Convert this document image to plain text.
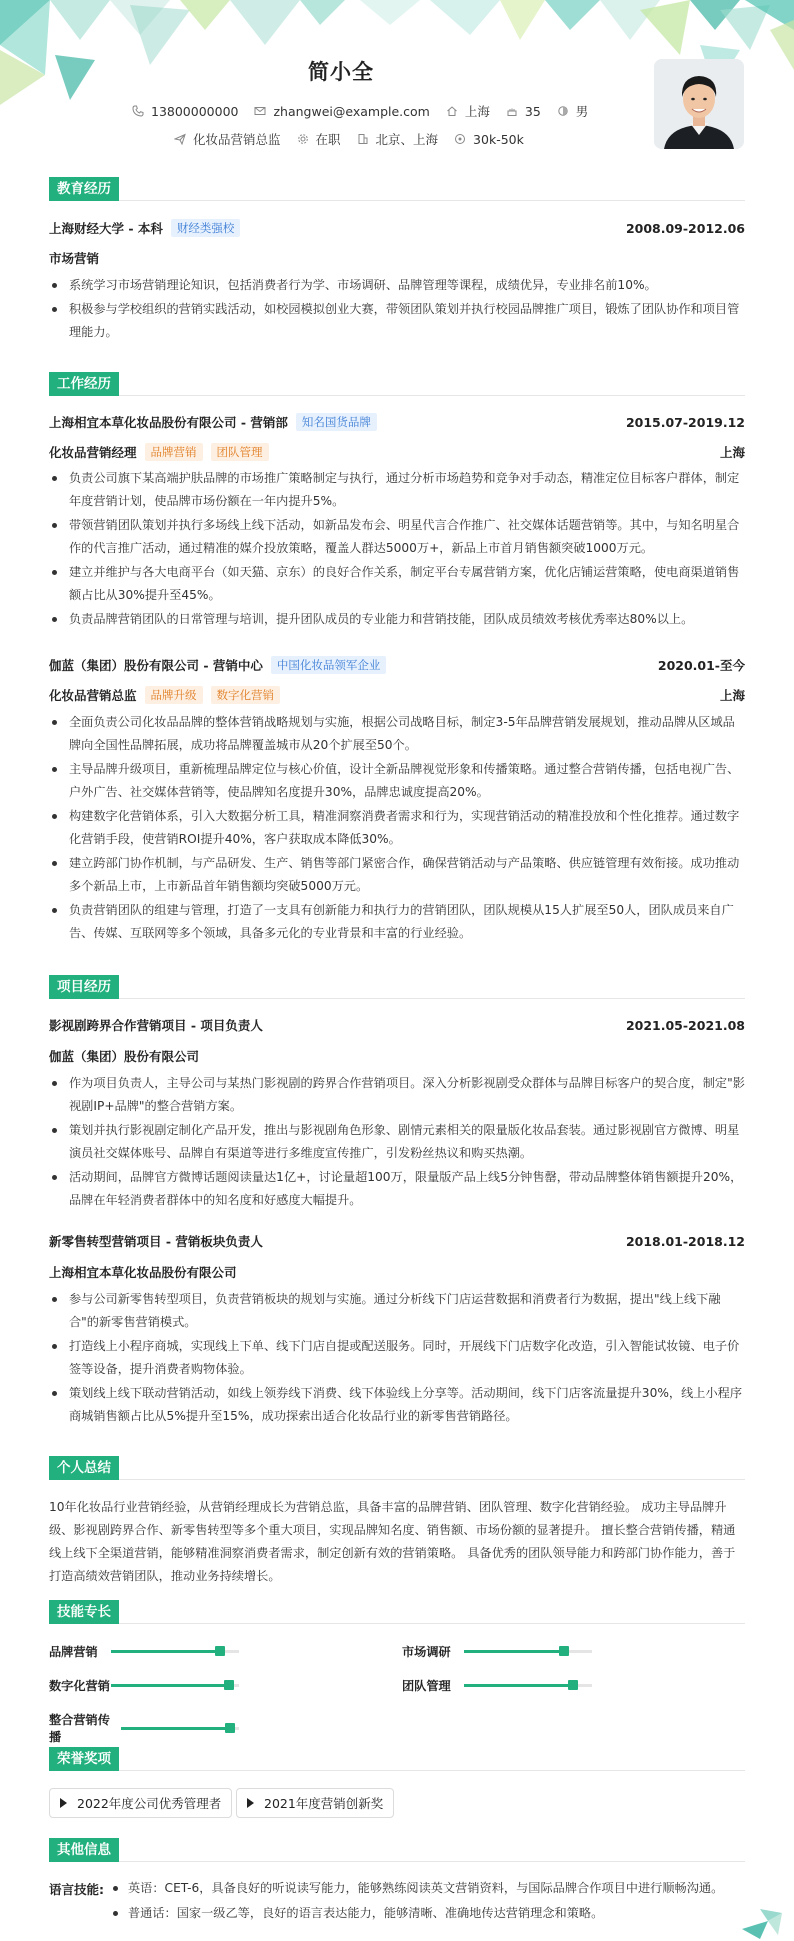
简小全
13800000000	zhangwei@example.com	上海	35	男
化妆品营销总监	在职	北京、上海	30k-50k
教育经历
上海财经大学 - 本科	财经类强校	2008.09-2012.06
市场营销
系统学习市场营销理论知识，包括消费者行为学、市场调研、品牌管理等课程，成绩优异，专业排名前10%。
积极参与学校组织的营销实践活动，如校园模拟创业大赛，带领团队策划并执行校园品牌推广项目，锻炼了团队协作和项目管理能力。
工作经历
上海相宜本草化妆品股份有限公司 - 营销部	知名国货品牌	2015.07-2019.12
化妆品营销经理	品牌营销	团队管理	上海
负责公司旗下某高端护肤品牌的市场推广策略制定与执行，通过分析市场趋势和竞争对手动态，精准定位目标客户群体，制定年度营销计划，使品牌市场份额在一年内提升5%。
带领营销团队策划并执行多场线上线下活动，如新品发布会、明星代言合作推广、社交媒体话题营销等。其中，与知名明星合作的代言推广活动，通过精准的媒介投放策略，覆盖人群达5000万+，新品上市首月销售额突破1000万元。
建立并维护与各大电商平台（如天猫、京东）的良好合作关系，制定平台专属营销方案，优化店铺运营策略，使电商渠道销售额占比从30%提升至45%。
负责品牌营销团队的日常管理与培训，提升团队成员的专业能力和营销技能，团队成员绩效考核优秀率达80%以上。
伽蓝（集团）股份有限公司 - 营销中心	中国化妆品领军企业	2020.01-至今
化妆品营销总监	品牌升级	数字化营销	上海
全面负责公司化妆品品牌的整体营销战略规划与实施，根据公司战略目标，制定3-5年品牌营销发展规划，推动品牌从区域品牌向全国性品牌拓展，成功将品牌覆盖城市从20个扩展至50个。
主导品牌升级项目，重新梳理品牌定位与核心价值，设计全新品牌视觉形象和传播策略。通过整合营销传播，包括电视广告、户外广告、社交媒体营销等，使品牌知名度提升30%，品牌忠诚度提高20%。
构建数字化营销体系，引入大数据分析工具，精准洞察消费者需求和行为，实现营销活动的精准投放和个性化推荐。通过数字化营销手段，使营销ROI提升40%，客户获取成本降低30%。
建立跨部门协作机制，与产品研发、生产、销售等部门紧密合作，确保营销活动与产品策略、供应链管理有效衔接。成功推动多个新品上市，上市新品首年销售额均突破5000万元。
负责营销团队的组建与管理，打造了一支具有创新能力和执行力的营销团队，团队规模从15人扩展至50人，团队成员来自广告、传媒、互联网等多个领域，具备多元化的专业背景和丰富的行业经验。
项目经历
影视剧跨界合作营销项目 - 项目负责人	2021.05-2021.08
伽蓝（集团）股份有限公司
作为项目负责人，主导公司与某热门影视剧的跨界合作营销项目。深入分析影视剧受众群体与品牌目标客户的契合度，制定"影视剧IP+品牌"的整合营销方案。
策划并执行影视剧定制化产品开发，推出与影视剧角色形象、剧情元素相关的限量版化妆品套装。通过影视剧官方微博、明星演员社交媒体账号、品牌自有渠道等进行多维度宣传推广，引发粉丝热议和购买热潮。
活动期间，品牌官方微博话题阅读量达1亿+，讨论量超100万，限量版产品上线5分钟售罄，带动品牌整体销售额提升20%，品牌在年轻消费者群体中的知名度和好感度大幅提升。
新零售转型营销项目 - 营销板块负责人	2018.01-2018.12
上海相宜本草化妆品股份有限公司
参与公司新零售转型项目，负责营销板块的规划与实施。通过分析线下门店运营数据和消费者行为数据，提出"线上线下融合"的新零售营销模式。
打造线上小程序商城，实现线上下单、线下门店自提或配送服务。同时，开展线下门店数字化改造，引入智能试妆镜、电子价签等设备，提升消费者购物体验。
策划线上线下联动营销活动，如线上领券线下消费、线下体验线上分享等。活动期间，线下门店客流量提升30%，线上小程序商城销售额占比从5%提升至15%，成功探索出适合化妆品行业的新零售营销路径。
个人总结
10年化妆品行业营销经验，从营销经理成长为营销总监，具备丰富的品牌营销、团队管理、数字化营销经验。 成功主导品牌升级、影视剧跨界合作、新零售转型等多个重大项目，实现品牌知名度、销售额、市场份额的显著提升。 擅长整合营销传播，精通线上线下全渠道营销，能够精准洞察消费者需求，制定创新有效的营销策略。 具备优秀的团队领导能力和跨部门协作能力，善于打造高绩效营销团队，推动业务持续增长。
技能专长
品牌营销	市场调研
数字化营销	团队管理
整合营销传播
荣誉奖项
2022年度公司优秀管理者	2021年度营销创新奖
其他信息
语言技能:	英语：CET-6，具备良好的听说读写能力，能够熟练阅读英文营销资料，与国际品牌合作项目中进行顺畅沟通。
普通话：国家一级乙等，良好的语言表达能力，能够清晰、准确地传达营销理念和策略。
